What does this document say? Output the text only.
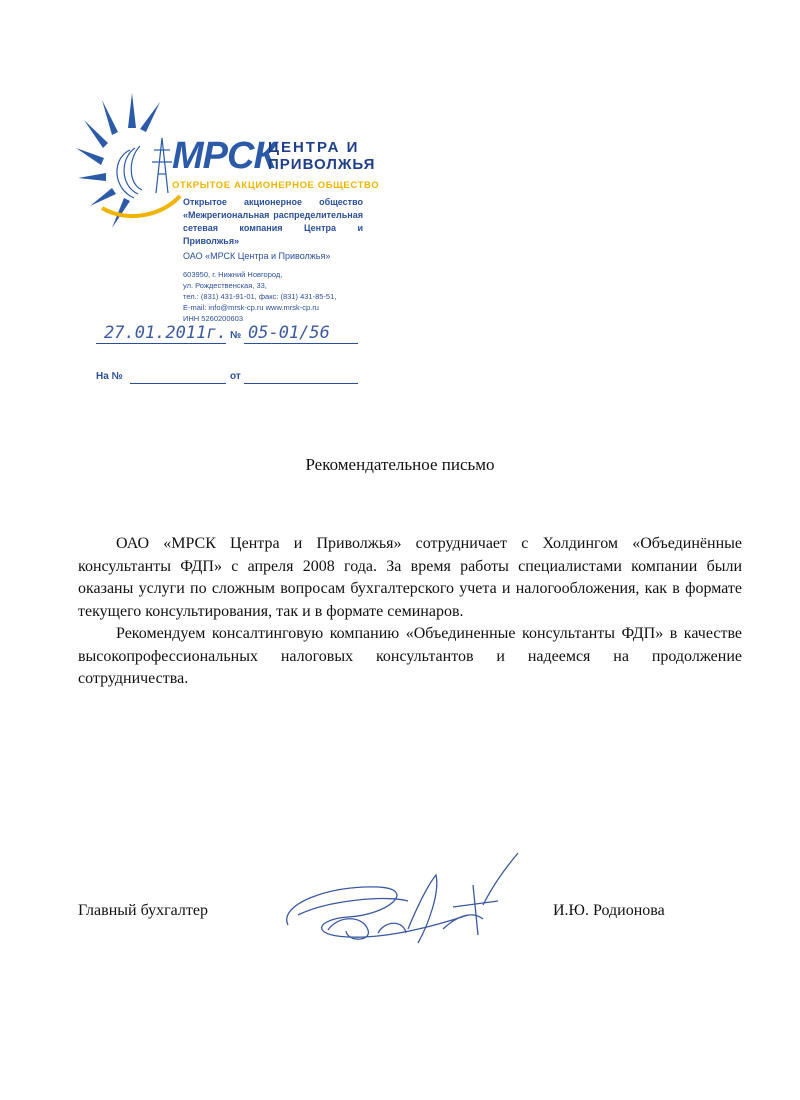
МРСК
ЦЕНТРА И
ПРИВОЛЖЬЯ
ОТКРЫТОЕ АКЦИОНЕРНОЕ ОБЩЕСТВО
Открытое акционерное общество «Межрегиональная распределительная сетевая компания Центра и Приволжья»
ОАО «МРСК Центра и Приволжья»
603950, г. Нижний Новгород,
ул. Рождественская, 33,
тел.: (831) 431-91-01, факс: (831) 431-85-51,
E-mail: info@mrsk-cp.ru www.mrsk-cp.ru
ИНН 5260200603
27.01.2011г. № 05-01/56
На №	от
Рекомендательное письмо

ОАО «МРСК Центра и Приволжья» сотрудничает с Холдингом «Объединённые консультанты ФДП» с апреля 2008 года. За время работы специалистами компании были оказаны услуги по сложным вопросам бухгалтерского учета и налогообложения, как в формате текущего консультирования, так и в формате семинаров.

Рекомендуем консалтинговую компанию «Объединенные консультанты ФДП» в качестве высокопрофессиональных налоговых консультантов и надеемся на продолжение сотрудничества.

Главный бухгалтер	И.Ю. Родионова
